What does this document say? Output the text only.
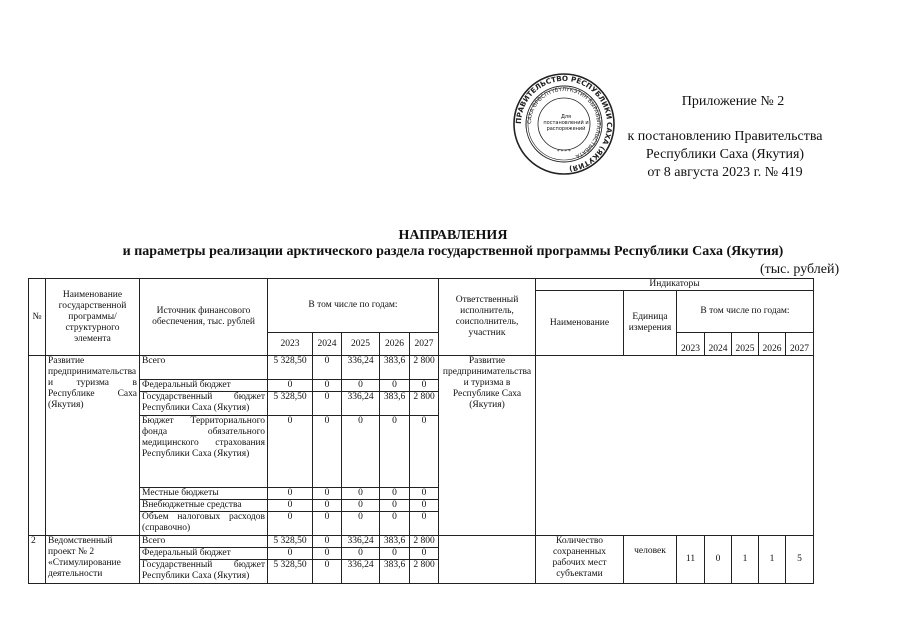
ПРАВИТЕЛЬСТВО РЕСПУБЛИКИ САХА (ЯКУТИЯ)
САХА ӨРӨСПҮҮБҮЛҮКЭТИН БЫРАБЫТАЛЫСТЫБАТА
Для
постановлений и
распоряжений
* * * *
Приложение № 2
к постановлению Правительства
Республики Саха (Якутия)
от 8 августа 2023 г. № 419
НАПРАВЛЕНИЯ
и параметры реализации арктического раздела государственной программы Республики Саха (Якутия)
(тыс. рублей)
№	Наименование государственной программы/ структурного элемента	Источник финансового обеспечения, тыс. рублей	В том числе по годам:					Ответственный исполнитель, соисполнитель, участник	Индикаторы						
									Наименование	Единица измерения	В том числе по годам:				
			2023	2024	2025	2026	2027				2023	2024	2025	2026	2027
	Развитие предпринимательства и туризма в Республике Саха (Якутия)	Всего	5 328,50	0	336,24	383,6	2 800	Развитие предпринимательства и туризма в Республике Саха (Якутия)							
		Федеральный бюджет	0	0	0	0	0								
		Государственный бюджет Республики Саха (Якутия)	5 328,50	0	336,24	383,6	2 800								
		Бюджет Территориального фонда обязательного медицинского страхования Республики Саха (Якутия)	0	0	0	0	0								
		Местные бюджеты	0	0	0	0	0								
		Внебюджетные средства	0	0	0	0	0								
		Объем налоговых расходов (справочно)	0	0	0	0	0								
2	Ведомственный проект № 2 «Стимулирование деятельности	Всего	5 328,50	0	336,24	383,6	2 800		Количество сохраненных рабочих мест субъектами	человек	11	0	1	1	5
		Федеральный бюджет	0	0	0	0	0								
		Государственный бюджет Республики Саха (Якутия)	5 328,50	0	336,24	383,6	2 800								
